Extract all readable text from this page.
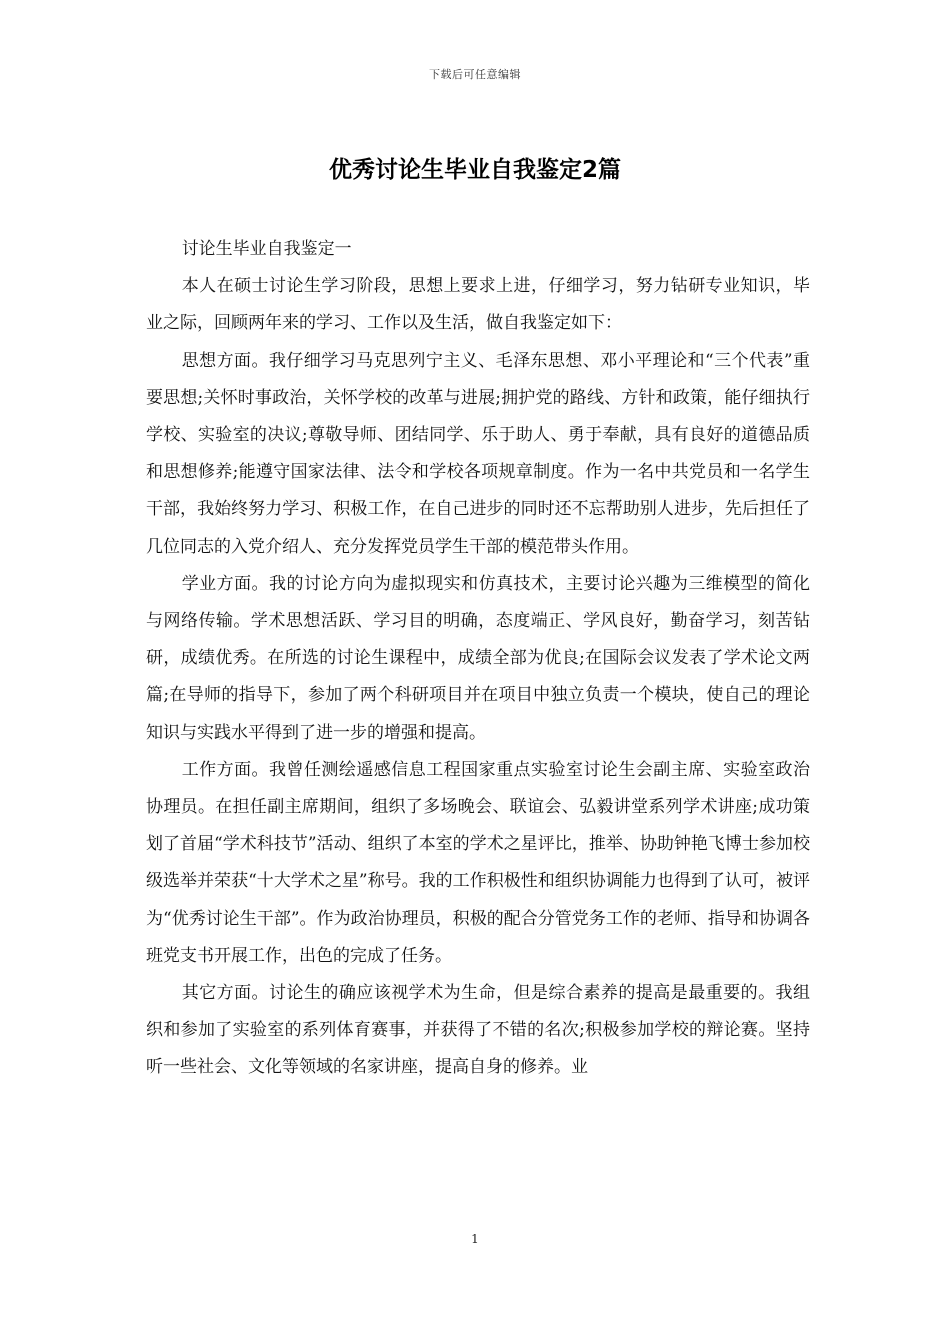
下载后可任意编辑
优秀讨论生毕业自我鉴定2篇

讨论生毕业自我鉴定一

本人在硕士讨论生学习阶段，思想上要求上进，仔细学习，努力钻研专业知识，毕业之际，回顾两年来的学习、工作以及生活，做自我鉴定如下：

思想方面。我仔细学习马克思列宁主义、毛泽东思想、邓小平理论和“三个代表”重要思想;关怀时事政治，关怀学校的改革与进展;拥护党的路线、方针和政策，能仔细执行学校、实验室的决议;尊敬导师、团结同学、乐于助人、勇于奉献，具有良好的道德品质和思想修养;能遵守国家法律、法令和学校各项规章制度。作为一名中共党员和一名学生干部，我始终努力学习、积极工作，在自己进步的同时还不忘帮助别人进步，先后担任了几位同志的入党介绍人、充分发挥党员学生干部的模范带头作用。

学业方面。我的讨论方向为虚拟现实和仿真技术，主要讨论兴趣为三维模型的简化与网络传输。学术思想活跃、学习目的明确，态度端正、学风良好，勤奋学习，刻苦钻研，成绩优秀。在所选的讨论生课程中，成绩全部为优良;在国际会议发表了学术论文两篇;在导师的指导下，参加了两个科研项目并在项目中独立负责一个模块，使自己的理论知识与实践水平得到了进一步的增强和提高。

工作方面。我曾任测绘遥感信息工程国家重点实验室讨论生会副主席、实验室政治协理员。在担任副主席期间，组织了多场晚会、联谊会、弘毅讲堂系列学术讲座;成功策划了首届“学术科技节”活动、组织了本室的学术之星评比，推举、协助钟艳飞博士参加校级选举并荣获“十大学术之星”称号。我的工作积极性和组织协调能力也得到了认可，被评为“优秀讨论生干部”。作为政治协理员，积极的配合分管党务工作的老师、指导和协调各班党支书开展工作，出色的完成了任务。

其它方面。讨论生的确应该视学术为生命，但是综合素养的提高是最重要的。我组织和参加了实验室的系列体育赛事，并获得了不错的名次;积极参加学校的辩论赛。坚持听一些社会、文化等领域的名家讲座，提高自身的修养。业

1
